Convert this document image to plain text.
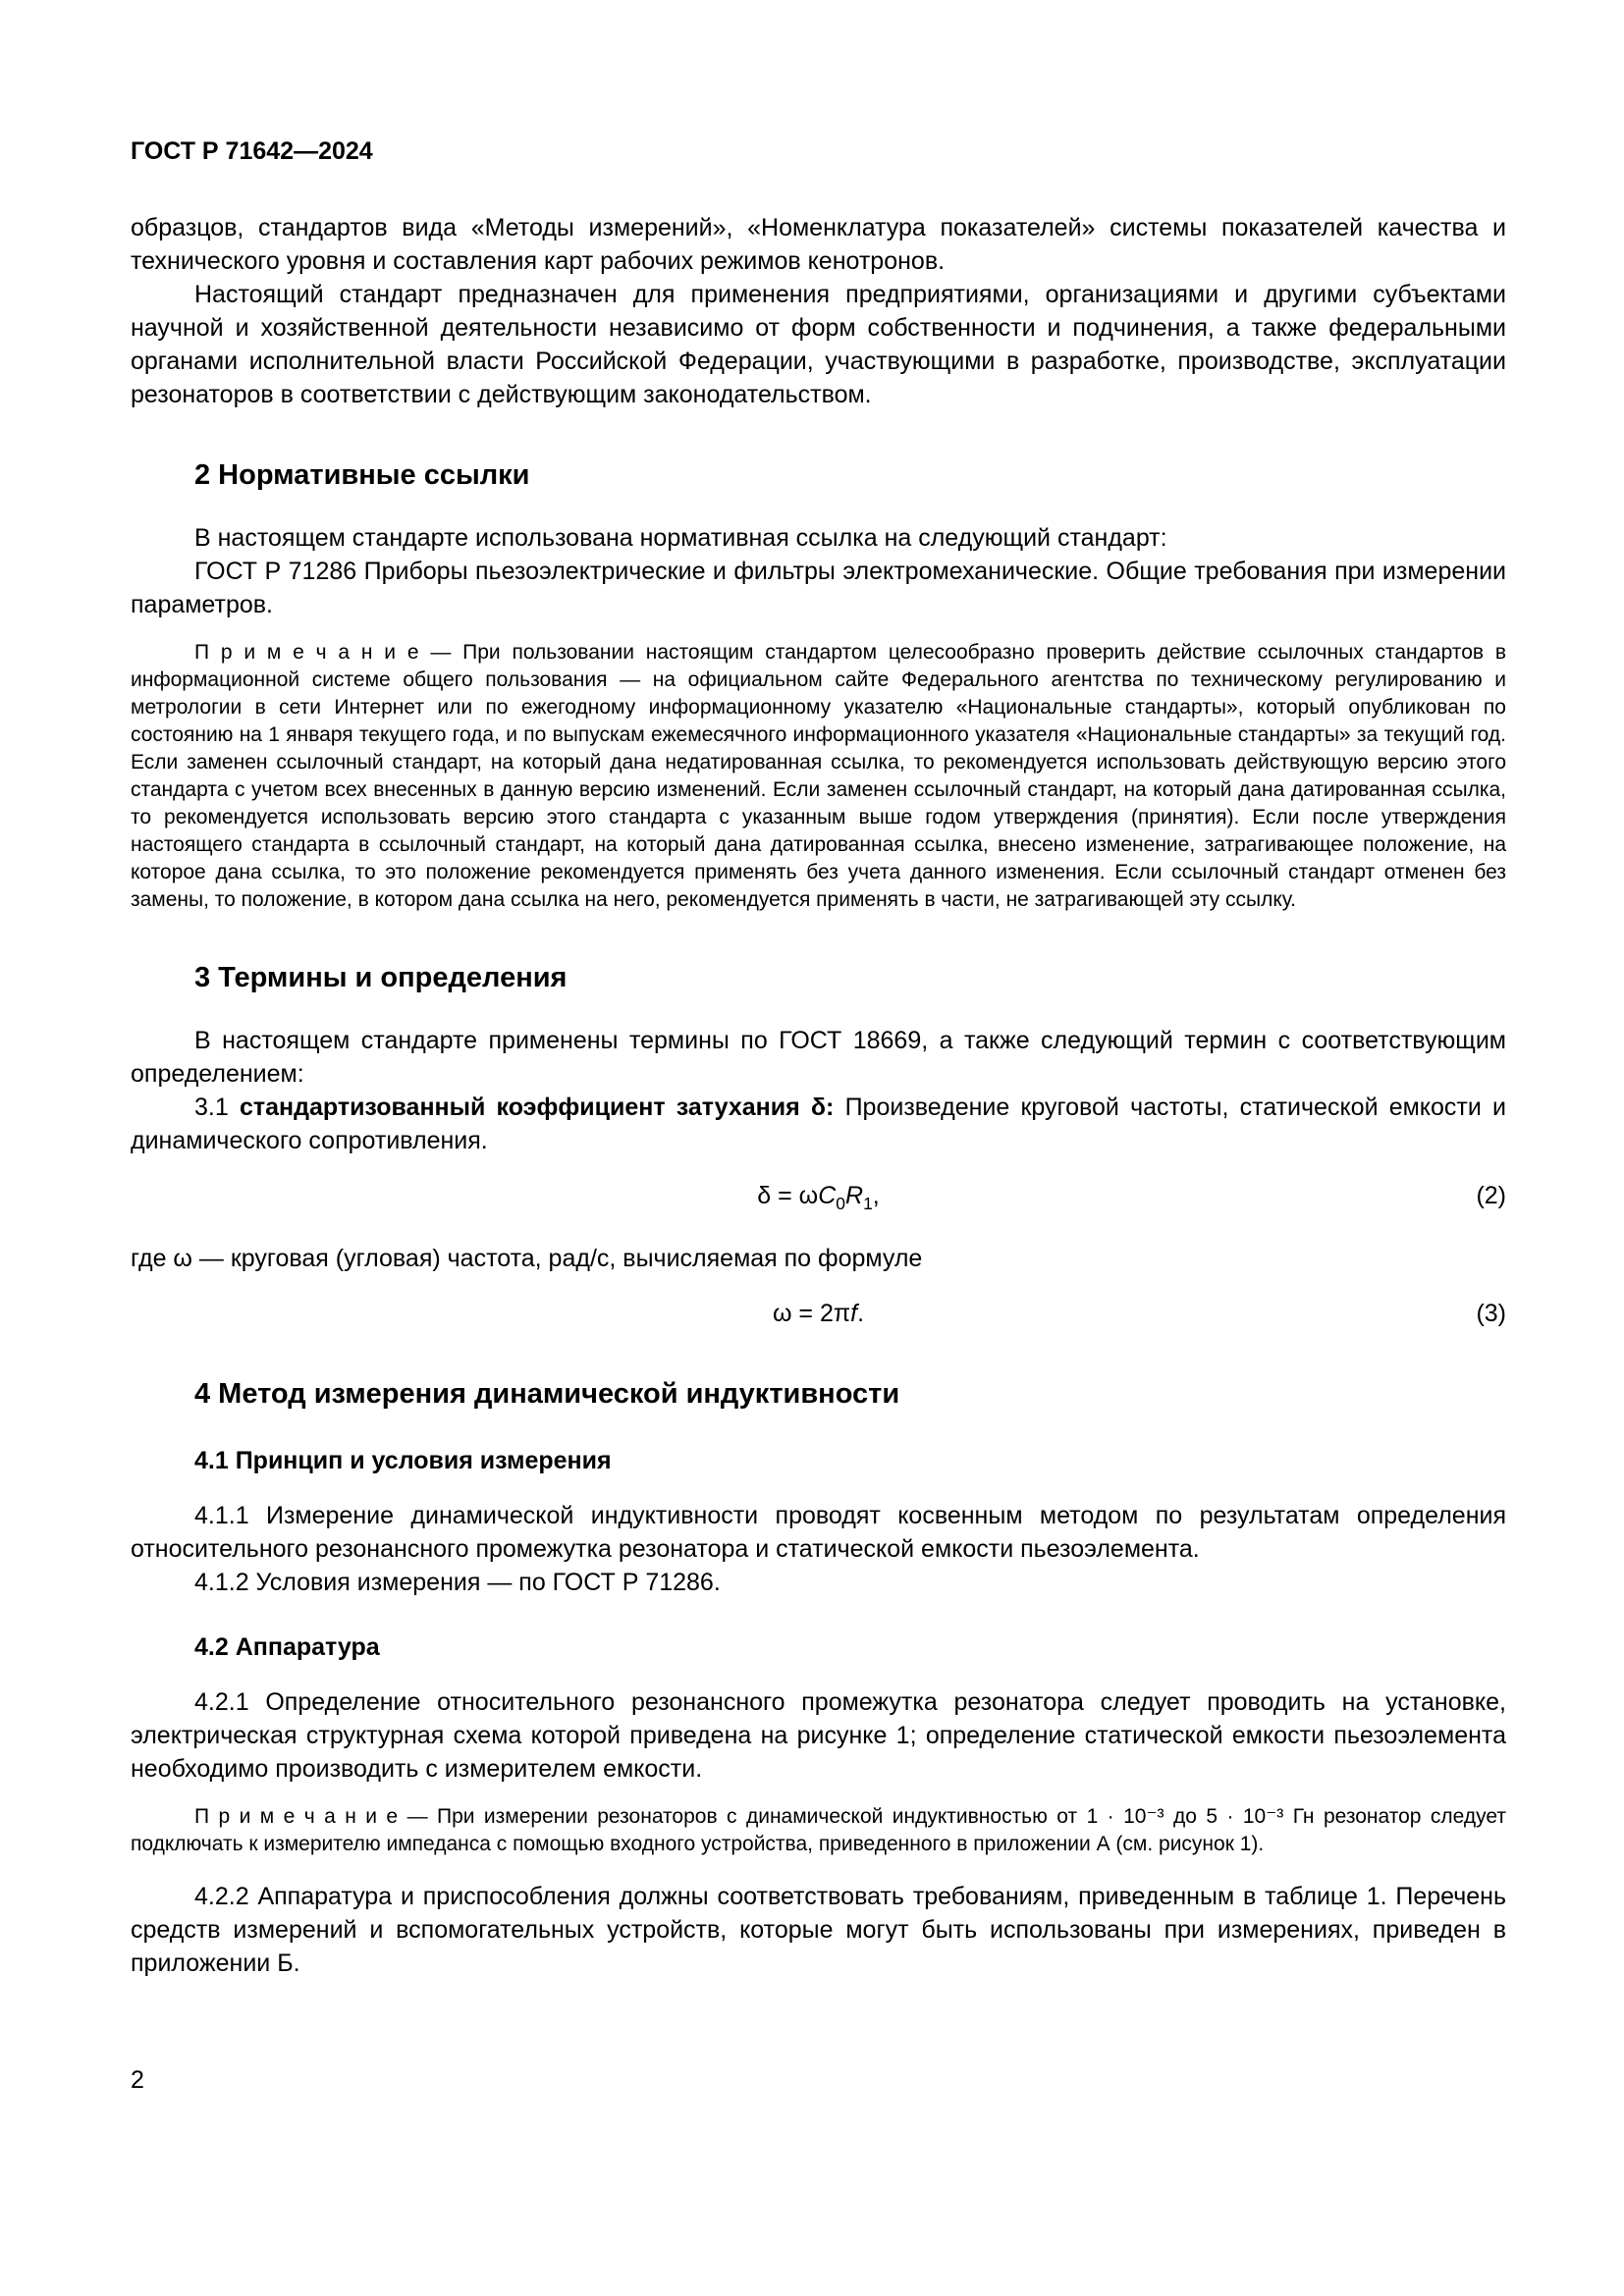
ГОСТ Р 71642—2024

образцов, стандартов вида «Методы измерений», «Номенклатура показателей» системы показателей качества и технического уровня и составления карт рабочих режимов кенотронов.

Настоящий стандарт предназначен для применения предприятиями, организациями и другими субъектами научной и хозяйственной деятельности независимо от форм собственности и подчинения, а также федеральными органами исполнительной власти Российской Федерации, участвующими в разработке, производстве, эксплуатации резонаторов в соответствии с действующим законодательством.

2 Нормативные ссылки

В настоящем стандарте использована нормативная ссылка на следующий стандарт:

ГОСТ Р 71286 Приборы пьезоэлектрические и фильтры электромеханические. Общие требования при измерении параметров.

П р и м е ч а н и е — При пользовании настоящим стандартом целесообразно проверить действие ссылочных стандартов в информационной системе общего пользования — на официальном сайте Федерального агентства по техническому регулированию и метрологии в сети Интернет или по ежегодному информационному указателю «Национальные стандарты», который опубликован по состоянию на 1 января текущего года, и по выпускам ежемесячного информационного указателя «Национальные стандарты» за текущий год. Если заменен ссылочный стандарт, на который дана недатированная ссылка, то рекомендуется использовать действующую версию этого стандарта с учетом всех внесенных в данную версию изменений. Если заменен ссылочный стандарт, на который дана датированная ссылка, то рекомендуется использовать версию этого стандарта с указанным выше годом утверждения (принятия). Если после утверждения настоящего стандарта в ссылочный стандарт, на который дана датированная ссылка, внесено изменение, затрагивающее положение, на которое дана ссылка, то это положение рекомендуется применять без учета данного изменения. Если ссылочный стандарт отменен без замены, то положение, в котором дана ссылка на него, рекомендуется применять в части, не затрагивающей эту ссылку.

3 Термины и определения

В настоящем стандарте применены термины по ГОСТ 18669, а также следующий термин с соответствующим определением:

3.1 стандартизованный коэффициент затухания δ: Произведение круговой частоты, статической емкости и динамического сопротивления.

$\delta = \omega C_0R_1$,	(2)

где ω — круговая (угловая) частота, рад/с, вычисляемая по формуле

ω = 2πf.	(3)
4 Метод измерения динамической индуктивности
4.1 Принцип и условия измерения

4.1.1 Измерение динамической индуктивности проводят косвенным методом по результатам определения относительного резонансного промежутка резонатора и статической емкости пьезоэлемента.

4.1.2 Условия измерения — по ГОСТ Р 71286.

4.2 Аппаратура

4.2.1 Определение относительного резонансного промежутка резонатора следует проводить на установке, электрическая структурная схема которой приведена на рисунке 1; определение статической емкости пьезоэлемента необходимо производить с измерителем емкости.

П р и м е ч а н и е — При измерении резонаторов с динамической индуктивностью от 1 · 10⁻³ до 5 · 10⁻³ Гн резонатор следует подключать к измерителю импеданса с помощью входного устройства, приведенного в приложении А (см. рисунок 1).

4.2.2 Аппаратура и приспособления должны соответствовать требованиям, приведенным в таблице 1. Перечень средств измерений и вспомогательных устройств, которые могут быть использованы при измерениях, приведен в приложении Б.

2
